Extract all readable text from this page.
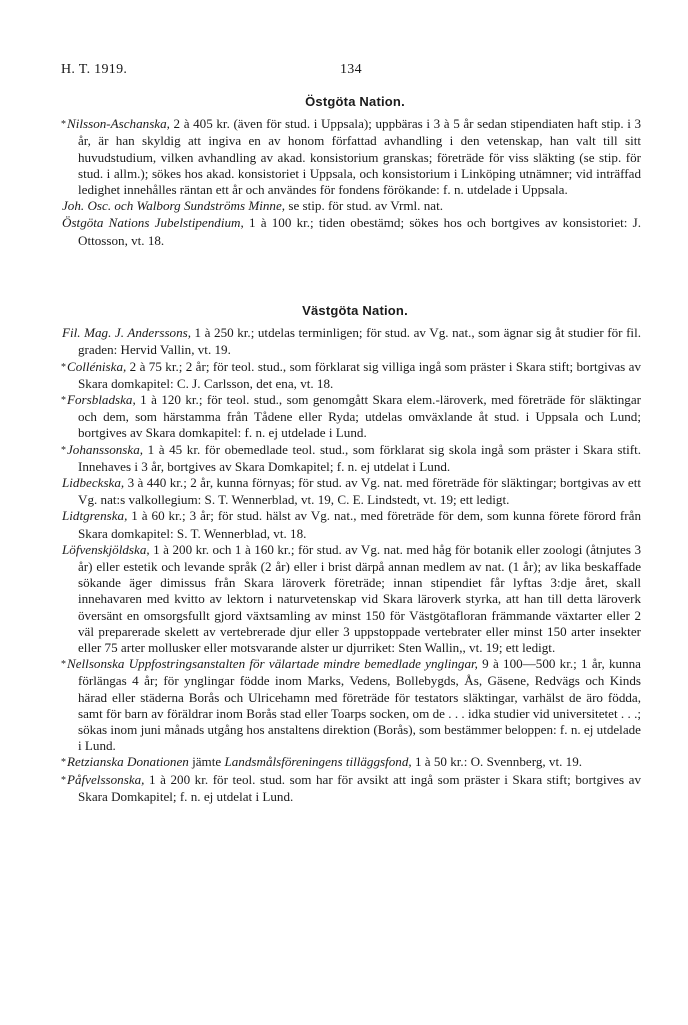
H. T. 1919.	134
Östgöta Nation.

*Nilsson-Aschanska, 2 à 405 kr. (även för stud. i Uppsala); uppbäras i 3 à 5 år sedan stipendiaten haft stip. i 3 år, är han skyldig att ingiva en av honom författad avhandling i den vetenskap, han valt till sitt huvudstudium, vilken avhandling av akad. konsistorium granskas; företräde för viss släkting (se stip. för stud. i allm.); sökes hos akad. konsistoriet i Uppsala, och konsistorium i Linköping utnämner; vid inträffad ledighet innehålles räntan ett år och användes för fondens förökande: f. n. utdelade i Uppsala.

Joh. Osc. och Walborg Sundströms Minne, se stip. för stud. av Vrml. nat.

Östgöta Nations Jubelstipendium, 1 à 100 kr.; tiden obestämd; sökes hos och bortgives av konsistoriet: J. Ottosson, vt. 18.

Västgöta Nation.

Fil. Mag. J. Anderssons, 1 à 250 kr.; utdelas terminligen; för stud. av Vg. nat., som ägnar sig åt studier för fil. graden: Hervid Vallin, vt. 19.

*Colléniska, 2 à 75 kr.; 2 år; för teol. stud., som förklarat sig villiga ingå som präster i Skara stift; bortgivas av Skara domkapitel: C. J. Carlsson, det ena, vt. 18.

*Forsbladska, 1 à 120 kr.; för teol. stud., som genomgått Skara elem.-läroverk, med företräde för släktingar och dem, som härstamma från Tådene eller Ryda; utdelas omväxlande åt stud. i Uppsala och Lund; bortgives av Skara domkapitel: f. n. ej utdelade i Lund.

*Johanssonska, 1 à 45 kr. för obemedlade teol. stud., som förklarat sig skola ingå som präster i Skara stift. Innehaves i 3 år, bortgives av Skara Domkapitel; f. n. ej utdelat i Lund.

Lidbeckska, 3 à 440 kr.; 2 år, kunna förnyas; för stud. av Vg. nat. med företräde för släktingar; bortgivas av ett Vg. nat:s valkollegium: S. T. Wennerblad, vt. 19, C. E. Lindstedt, vt. 19; ett ledigt.

Lidtgrenska, 1 à 60 kr.; 3 år; för stud. hälst av Vg. nat., med företräde för dem, som kunna förete förord från Skara domkapitel: S. T. Wennerblad, vt. 18.

Löfvenskjöldska, 1 à 200 kr. och 1 à 160 kr.; för stud. av Vg. nat. med håg för botanik eller zoologi (åtnjutes 3 år) eller estetik och levande språk (2 år) eller i brist därpå annan medlem av nat. (1 år); av lika beskaffade sökande äger dimissus från Skara läroverk företräde; innan stipendiet får lyftas 3:dje året, skall innehavaren med kvitto av lektorn i naturvetenskap vid Skara läroverk styrka, att han till detta läroverk översänt en omsorgsfullt gjord växtsamling av minst 150 för Västgötafloran främmande växtarter eller 2 väl preparerade skelett av vertebrerade djur eller 3 uppstoppade vertebrater eller minst 150 arter insekter eller 75 arter mollusker eller motsvarande alster ur djurriket: Sten Wallin,, vt. 19; ett ledigt.

*Nellsonska Uppfostringsanstalten för välartade mindre bemedlade ynglingar, 9 à 100—500 kr.; 1 år, kunna förlängas 4 år; för ynglingar födde inom Marks, Vedens, Bollebygds, Ås, Gäsene, Redvägs och Kinds härad eller städerna Borås och Ulricehamn med företräde för testators släktingar, varhälst de äro födda, samt för barn av föräldrar inom Borås stad eller Toarps socken, om de . . . idka studier vid universitetet . . .; sökas inom juni månads utgång hos anstaltens direktion (Borås), som bestämmer beloppen: f. n. ej utdelade i Lund.

*Retzianska Donationen jämte Landsmålsföreningens tilläggsfond, 1 à 50 kr.: O. Svennberg, vt. 19.

*Påfvelssonska, 1 à 200 kr. för teol. stud. som har för avsikt att ingå som präster i Skara stift; bortgives av Skara Domkapitel; f. n. ej utdelat i Lund.
